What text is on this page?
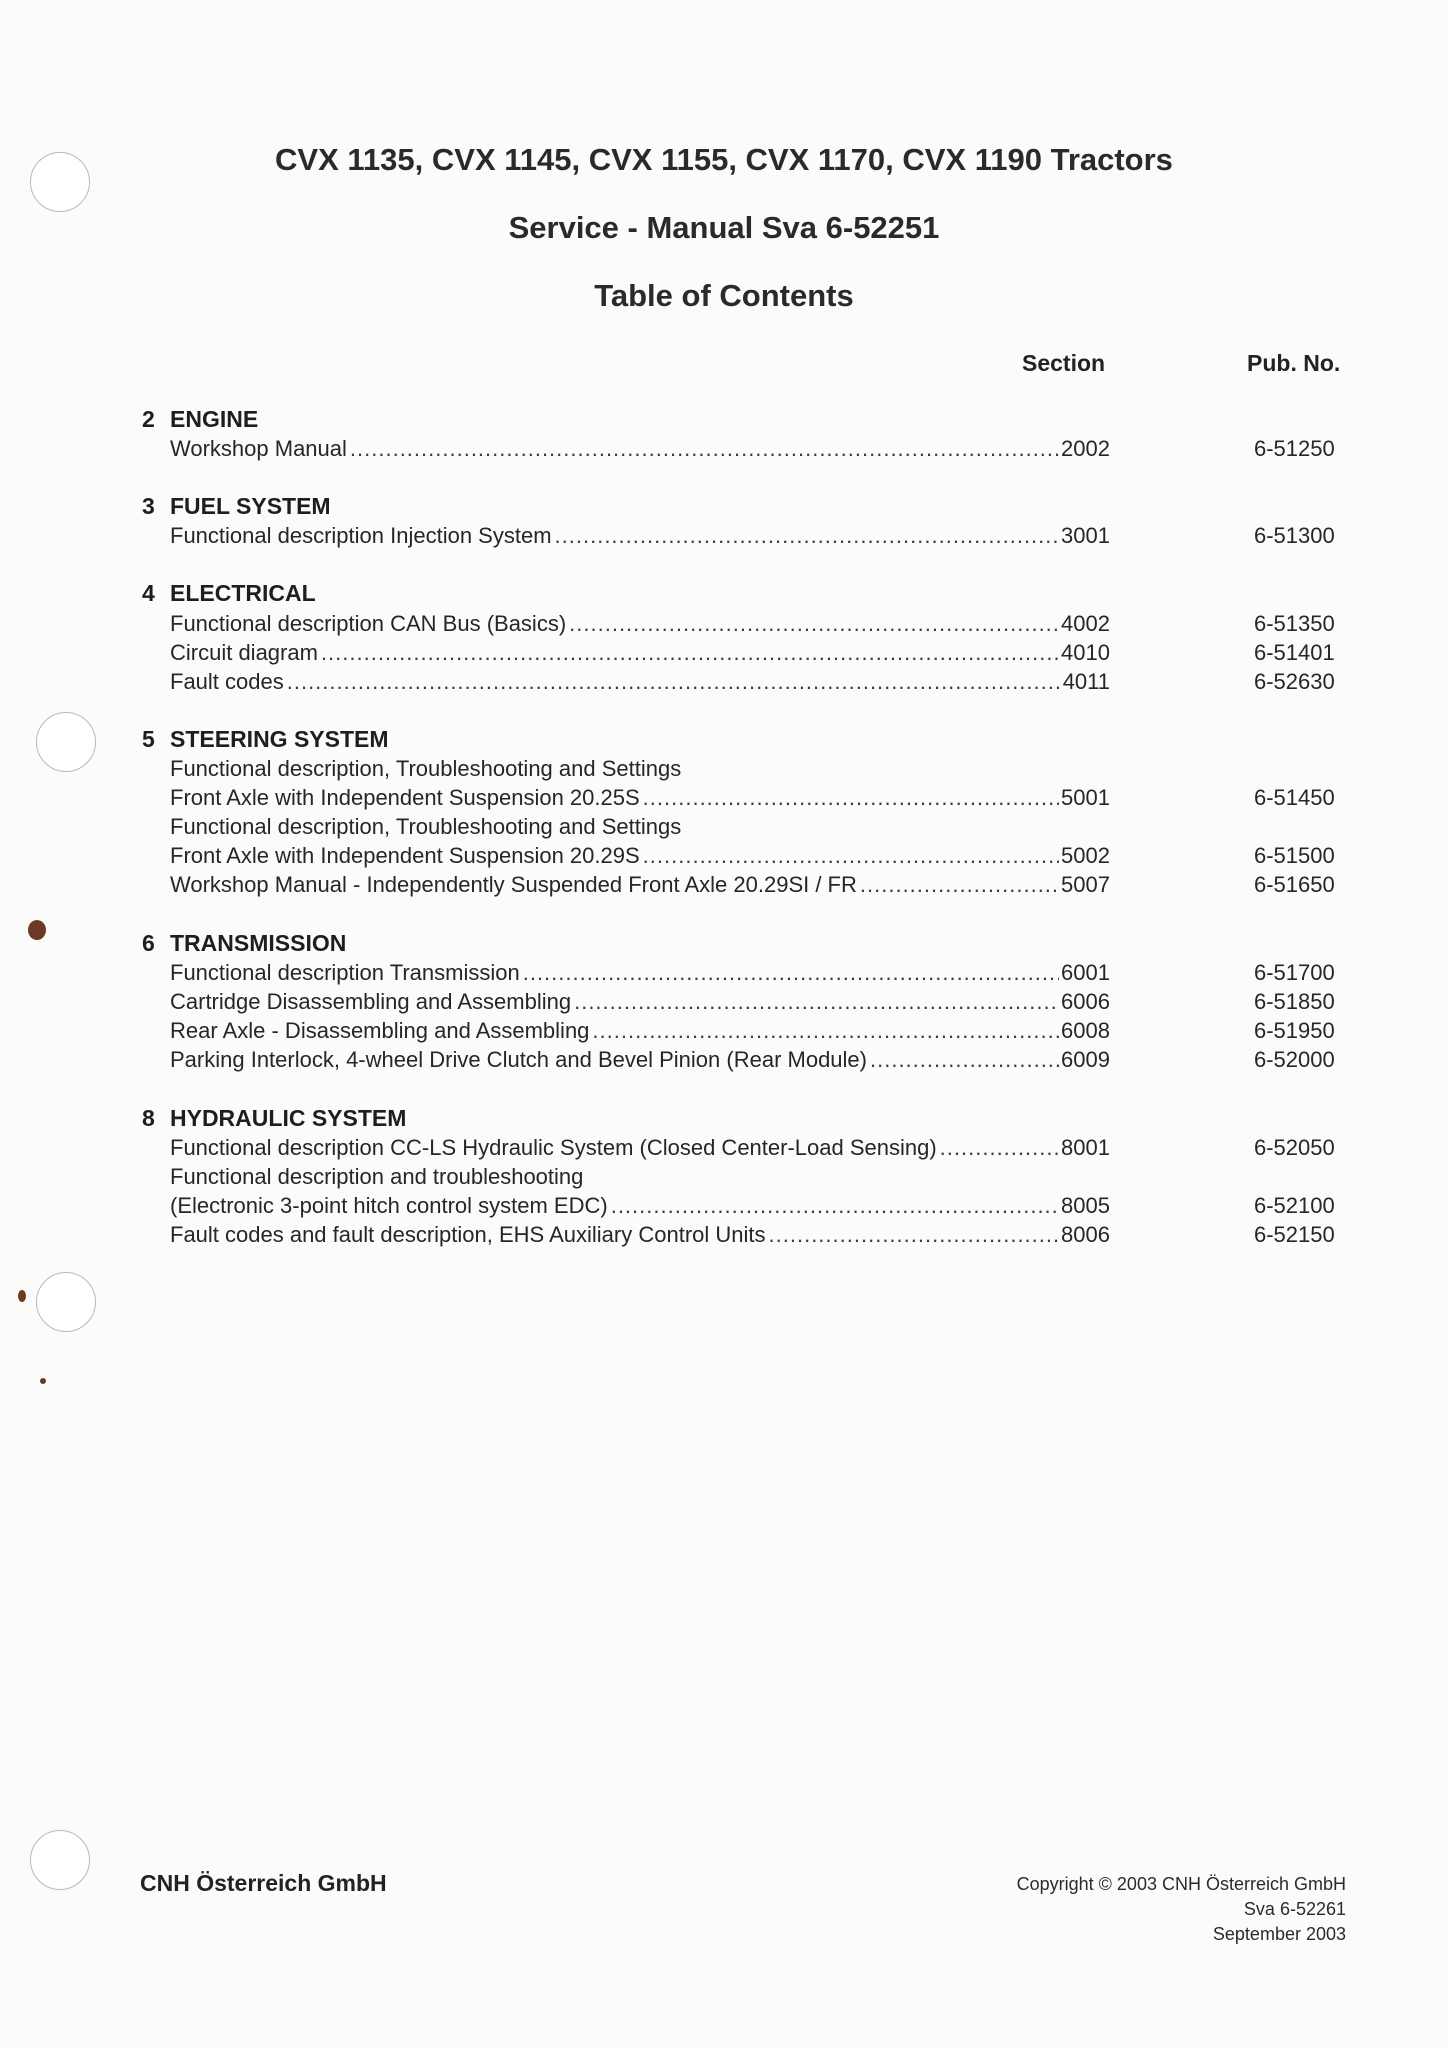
CVX 1135, CVX 1145, CVX 1155, CVX 1170, CVX 1190 Tractors
Service - Manual Sva 6-52251
Table of Contents
Section	Pub. No.
2 ENGINE
Workshop Manual .....	2002	6-51250
3 FUEL SYSTEM
Functional description Injection System .....	3001	6-51300
4 ELECTRICAL
Functional description CAN Bus (Basics) .....	4002	6-51350
Circuit diagram .....	4010	6-51401
Fault codes .....	4011	6-52630
5 STEERING SYSTEM
Functional description, Troubleshooting and Settings
Front Axle with Independent Suspension 20.25S .....	5001	6-51450
Functional description, Troubleshooting and Settings
Front Axle with Independent Suspension 20.29S .....	5002	6-51500
Workshop Manual - Independently Suspended Front Axle 20.29SI / FR .....	5007	6-51650
6 TRANSMISSION
Functional description Transmission .....	6001	6-51700
Cartridge Disassembling and Assembling .....	6006	6-51850
Rear Axle - Disassembling and Assembling .....	6008	6-51950
Parking Interlock, 4-wheel Drive Clutch and Bevel Pinion (Rear Module) .....	6009	6-52000
8 HYDRAULIC SYSTEM
Functional description CC-LS Hydraulic System (Closed Center-Load Sensing) .....	8001	6-52050
Functional description and troubleshooting
(Electronic 3-point hitch control system EDC) .....	8005	6-52100
Fault codes and fault description, EHS Auxiliary Control Units .....	8006	6-52150
CNH Österreich GmbH	Copyright © 2003 CNH Österreich GmbH
Sva 6-52261
September 2003
